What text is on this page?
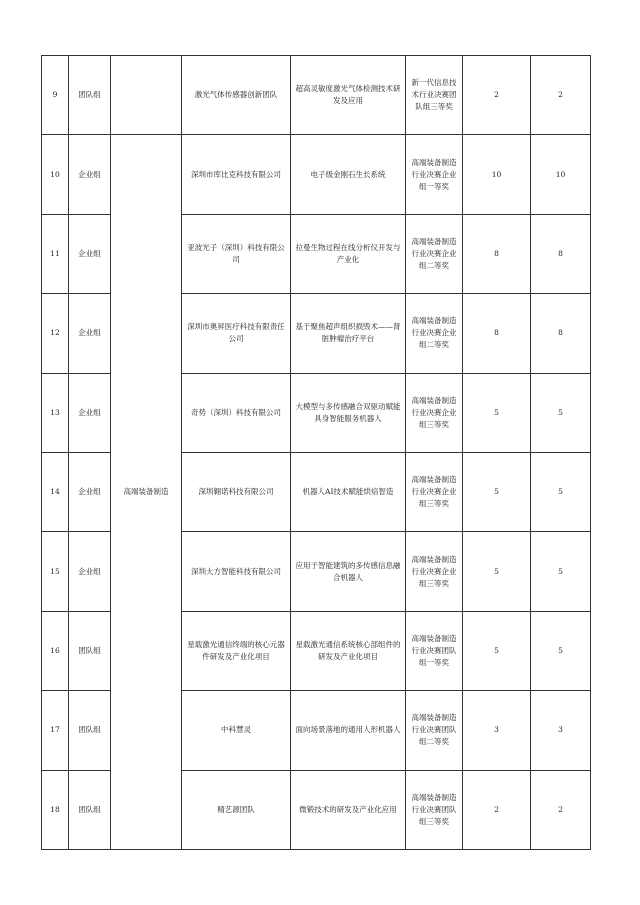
9	团队组		激光气体传感器创新团队	超高灵敏度激光气体检测技术研发及应用	新一代信息技术行业决赛团队组三等奖	2	2
10	企业组	高端装备制造	深圳市库比克科技有限公司	电子级金刚石生长系统	高端装备制造行业决赛企业组一等奖	10	10
11	企业组		亚波光子（深圳）科技有限公司	拉曼生物过程在线分析仪开发与产业化	高端装备制造行业决赛企业组二等奖	8	8
12	企业组		深圳市奥昇医疗科技有限责任公司	基于聚焦超声组织损毁术——肾脏肿瘤治疗平台	高端装备制造行业决赛企业组二等奖	8	8
13	企业组		奇势（深圳）科技有限公司	大模型与多传感融合双驱动赋能具身智能服务机器人	高端装备制造行业决赛企业组三等奖	5	5
14	企业组		深圳翱诺科技有限公司	机器人AI技术赋能烘焙智造	高端装备制造行业决赛企业组三等奖	5	5
15	企业组		深圳大方智能科技有限公司	应用于智能建筑的多传感信息融合机器人	高端装备制造行业决赛企业组三等奖	5	5
16	团队组		星载激光通信终端的核心元器件研发及产业化项目	星载激光通信系统核心部组件的研发及产业化项目	高端装备制造行业决赛团队组一等奖	5	5
17	团队组		中科慧灵	面向场景落地的通用人形机器人	高端装备制造行业决赛团队组二等奖	3	3
18	团队组		精艺源团队	微锻技术的研发及产业化应用	高端装备制造行业决赛团队组三等奖	2	2
